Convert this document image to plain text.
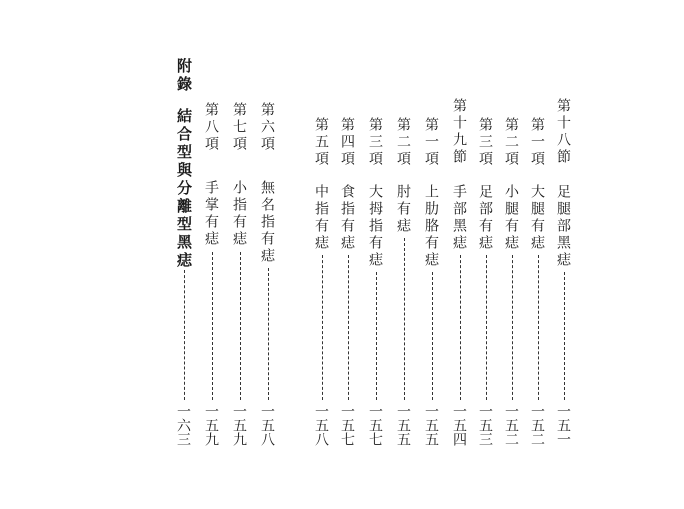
第十八節
足腿部黑痣
一五一
第一項
大腿有痣
一五二
第二項
小腿有痣
一五二
第三項
足部有痣
一五三
第十九節
手部黑痣
一五四
第一項
上肋胳有痣
一五五
第二項
肘有痣
一五五
第三項
大拇指有痣
一五七
第四項
食指有痣
一五七
第五項
中指有痣
一五八
第六項
無名指有痣
一五八
第七項
小指有痣
一五九
第八項
手掌有痣
一五九
附錄
結合型與分離型黑痣
一六三
